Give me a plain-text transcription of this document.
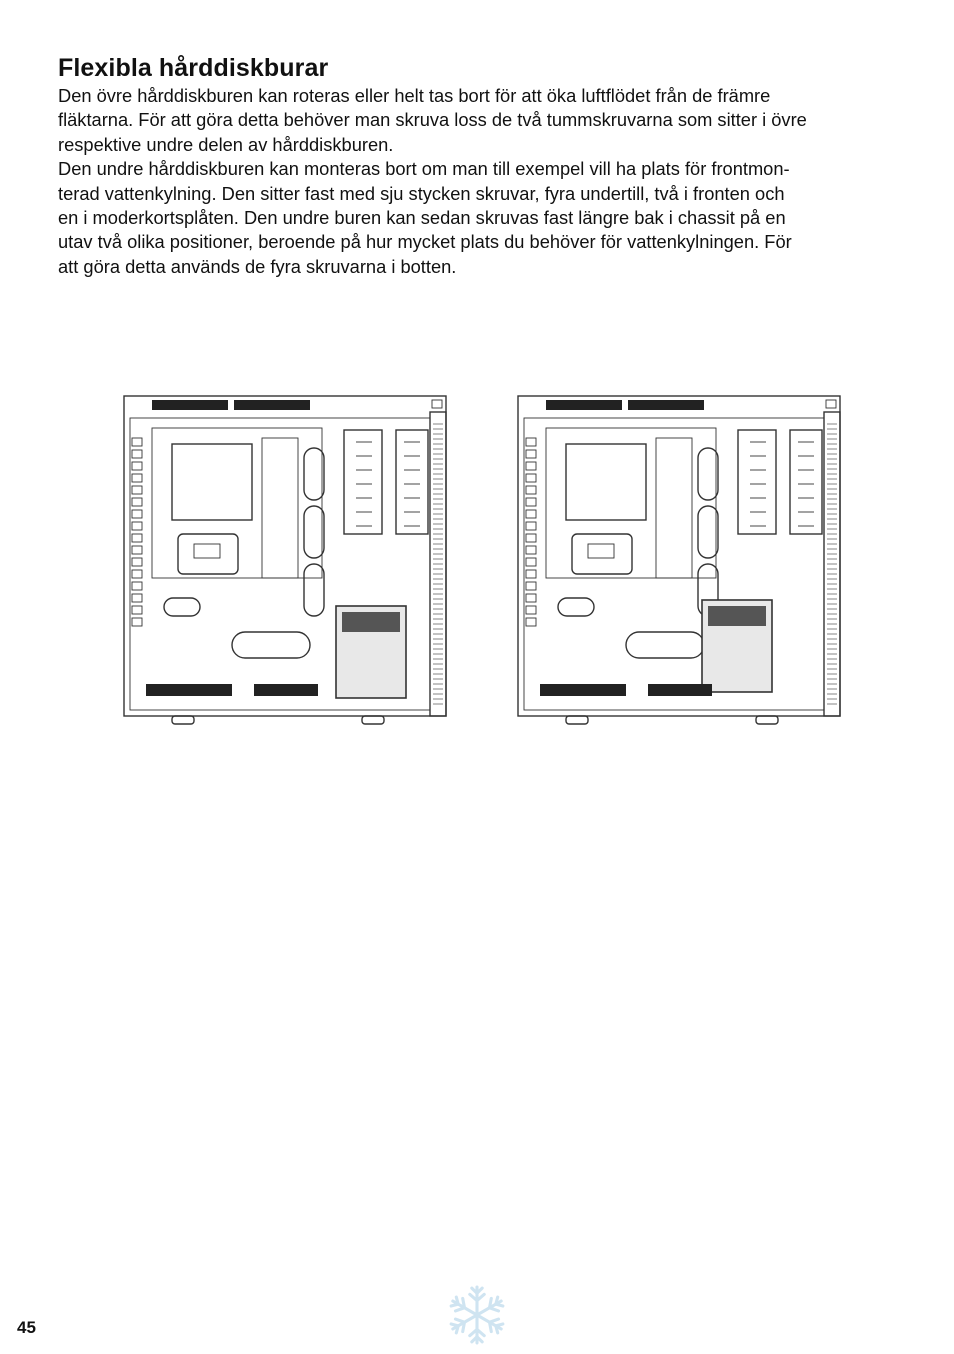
Flexibla hårddiskburar
Den övre hårddiskburen kan roteras eller helt tas bort för att öka luftflödet från de främre
fläktarna. För att göra detta behöver man skruva loss de två tummskruvarna som sitter i övre
respektive undre delen av hårddiskburen.
Den undre hårddiskburen kan monteras bort om man till exempel vill ha plats för frontmon-
terad vattenkylning. Den sitter fast med sju stycken skruvar, fyra undertill, två i fronten och
en i moderkortsplåten. Den undre buren kan sedan skruvas fast längre bak i chassit på en
utav två olika positioner, beroende på hur mycket plats du behöver för vattenkylningen. För
att göra detta används de fyra skruvarna i botten.
45
